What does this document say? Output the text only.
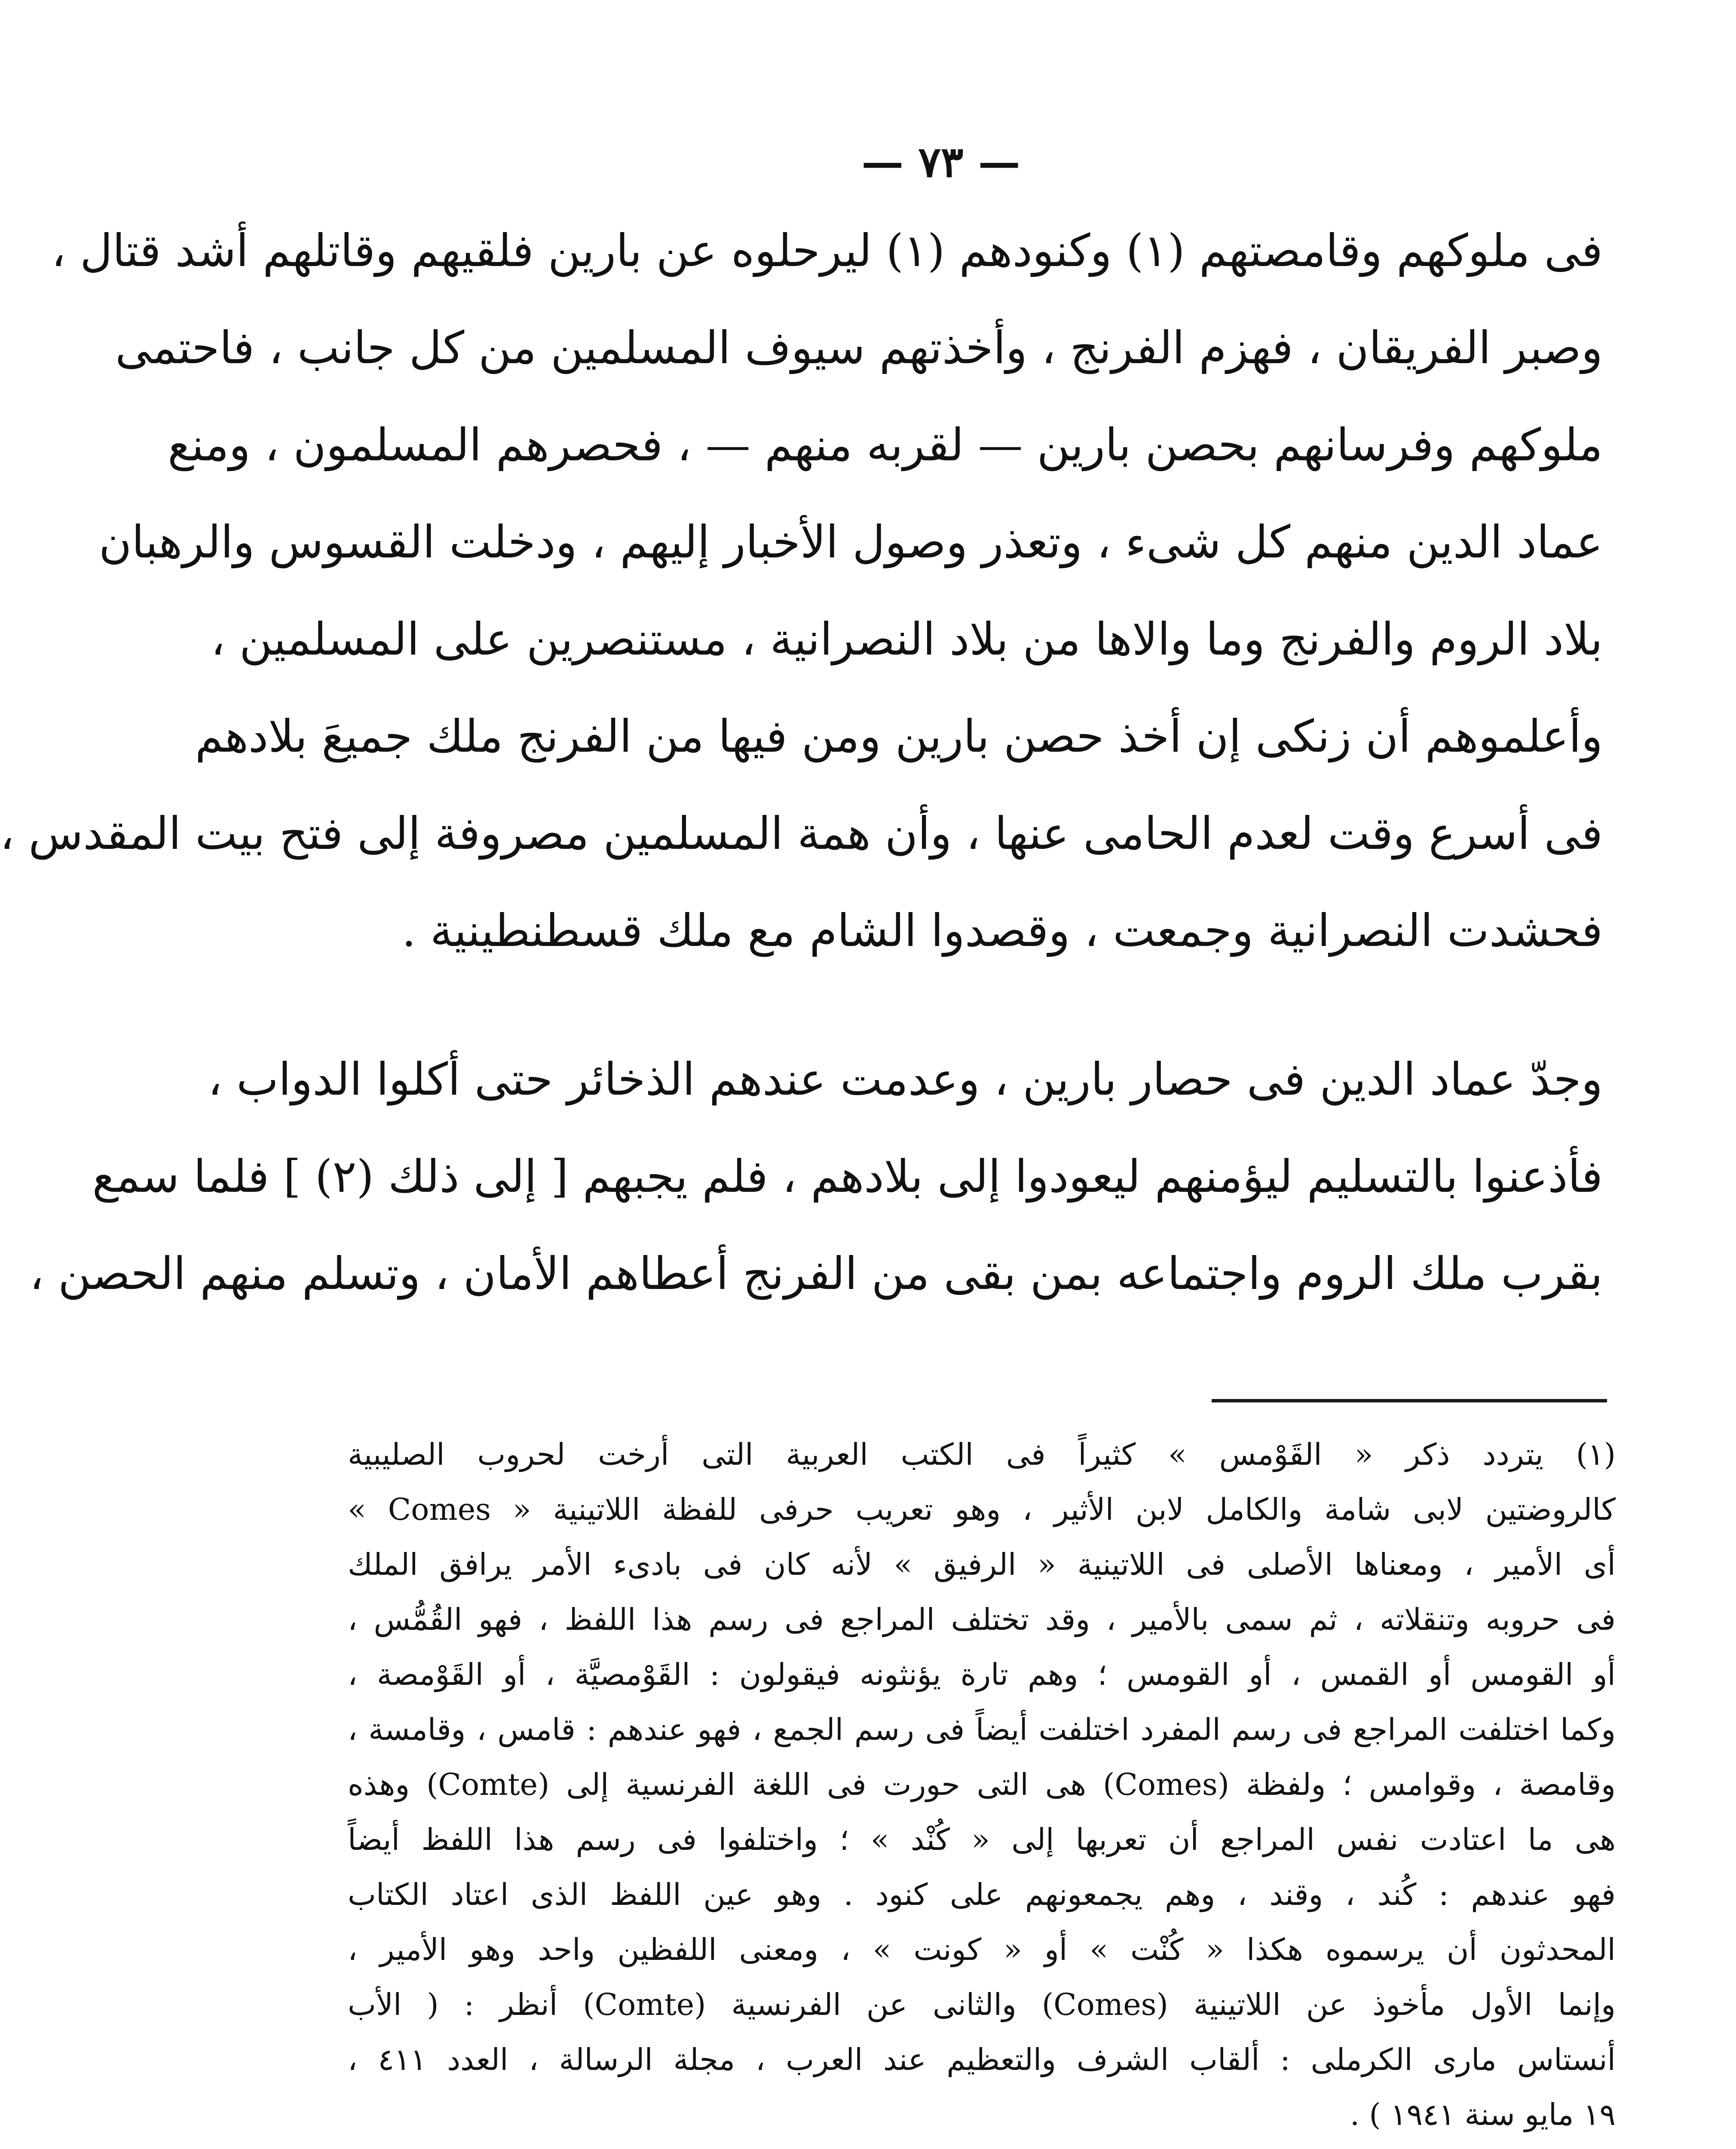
— ٧٣ —
فى ملوكهم وقامصتهم (١) وكنودهم (١) ليرحلوه عن بارين فلقيهم وقاتلهم أشد قتال ،
وصبر الفريقان ، فهزم الفرنج ، وأخذتهم سيوف المسلمين من كل جانب ، فاحتمى
ملوكهم وفرسانهم بحصن بارين — لقربه منهم — ، فحصرهم المسلمون ، ومنع
عماد الدين منهم كل شىء ، وتعذر وصول الأخبار إليهم ، ودخلت القسوس والرهبان
بلاد الروم والفرنج وما والاها من بلاد النصرانية ، مستنصرين على المسلمين ،
وأعلموهم أن زنكى إن أخذ حصن بارين ومن فيها من الفرنج ملك جميعَ بلادهم
فى أسرع وقت لعدم الحامى عنها ، وأن همة المسلمين مصروفة إلى فتح بيت المقدس ،
فحشدت النصرانية وجمعت ، وقصدوا الشام مع ملك قسطنطينية .
وجدّ عماد الدين فى حصار بارين ، وعدمت عندهم الذخائر حتى أكلوا الدواب ،
فأذعنوا بالتسليم ليؤمنهم ليعودوا إلى بلادهم ، فلم يجبهم [ إلى ذلك (٢) ] فلما سمع
بقرب ملك الروم واجتماعه بمن بقى من الفرنج أعطاهم الأمان ، وتسلم منهم الحصن ،
(١) يتردد ذكر « القَوْمس » كثيراً فى الكتب العربية التى أرخت لحروب الصليبية
كالروضتين لابى شامة والكامل لابن الأثير ، وهو تعريب حرفى للفظة اللاتينية « Comes »
أى الأمير ، ومعناها الأصلى فى اللاتينية « الرفيق » لأنه كان فى بادىء الأمر يرافق الملك
فى حروبه وتنقلاته ، ثم سمى بالأمير ، وقد تختلف المراجع فى رسم هذا اللفظ ، فهو القُمُّس ،
أو القومس أو القمس ، أو القومس ؛ وهم تارة يؤنثونه فيقولون : القَوْمصيَّة ، أو القَوْمصة ،
وكما اختلفت المراجع فى رسم المفرد اختلفت أيضاً فى رسم الجمع ، فهو عندهم : قامس ، وقامسة ،
وقامصة ، وقوامس ؛ ولفظة (Comes) هى التى حورت فى اللغة الفرنسية إلى (Comte) وهذه
هى ما اعتادت نفس المراجع أن تعربها إلى « كُنْد » ؛ واختلفوا فى رسم هذا اللفظ أيضاً
فهو عندهم : كُند ، وقند ، وهم يجمعونهم على كنود . وهو عين اللفظ الذى اعتاد الكتاب
المحدثون أن يرسموه هكذا « كُنْت » أو « كونت » ، ومعنى اللفظين واحد وهو الأمير ،
وإنما الأول مأخوذ عن اللاتينية (Comes) والثانى عن الفرنسية (Comte) أنظر : ( الأب
أنستاس مارى الكرملى : ألقاب الشرف والتعظيم عند العرب ، مجلة الرسالة ، العدد ٤١١ ،
١٩ مايو سنة ١٩٤١ ) .
